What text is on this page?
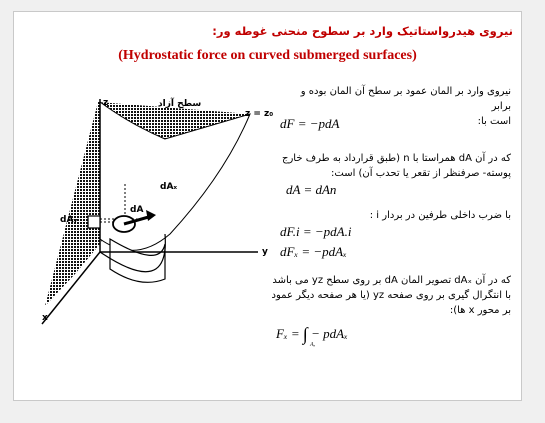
نیروی هیدرواستاتیک وارد بر سطوح منحنی غوطه ور:
(Hydrostatic force on curved submerged surfaces)
سطح آزاد
z
z = z₀
dAₓ
dAᵧ
dA
y
x
نیروی وارد بر المان عمود بر سطح آن المان بوده و برابر
است با:
dF = −pdA
که در آن dA همراستا با n (طبق قرارداد به طرف خارج
پوسته- صرفنظر از تقعر یا تحدب آن) است:
dA = dAn
با ضرب داخلی طرفین در بردار i :
dF.i = −pdA.i
dFₓ = −pdAₓ
که در آن dAₓ تصویر المان dA بر روی سطح yz می باشد
با انتگرال گیری بر روی صفحه yz (یا هر صفحه دیگر عمود
بر محور x ها):
Fₓ = ∫ − pdAₓ
Aₓ
